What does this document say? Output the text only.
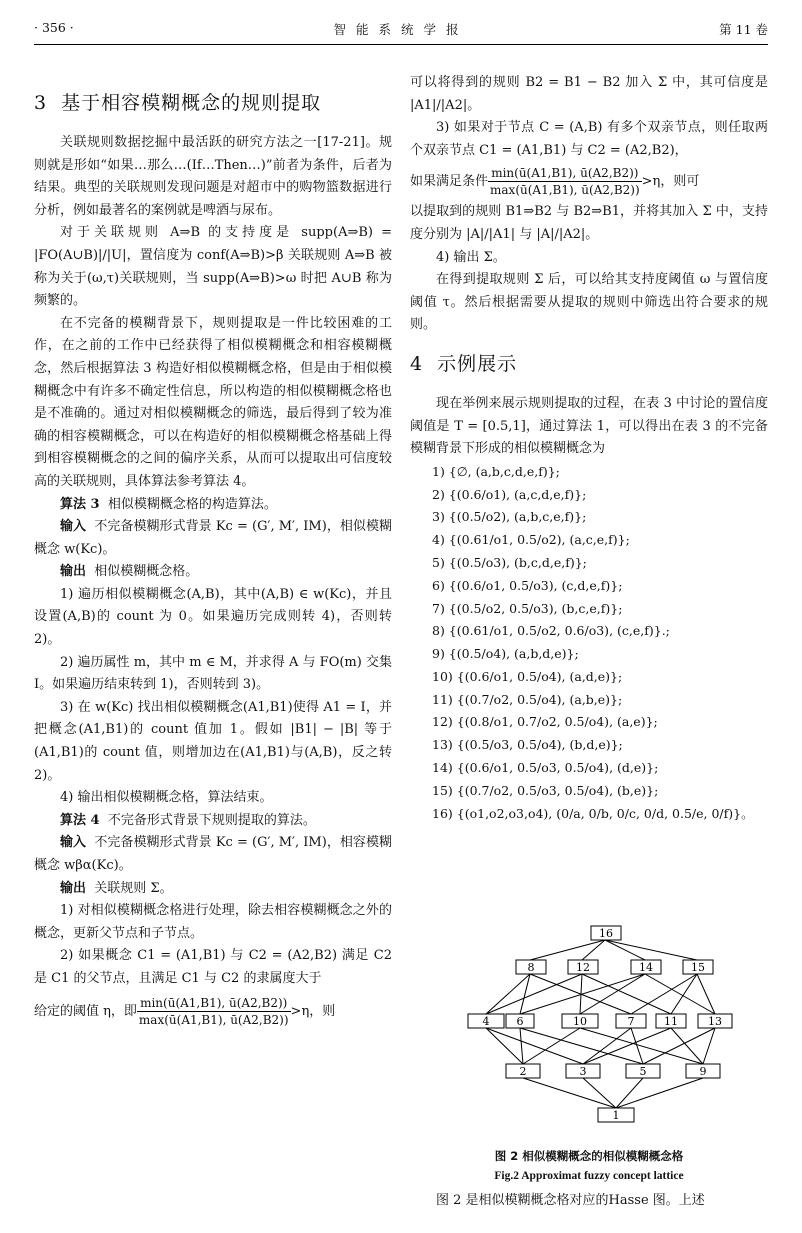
· 356 ·	智能系统学报	第 11 卷
3 基于相容模糊概念的规则提取

关联规则数据挖掘中最活跃的研究方法之一[17-21]。规则就是形如“如果…那么…(If…Then…)”前者为条件，后者为结果。典型的关联规则发现问题是对超市中的购物篮数据进行分析，例如最著名的案例就是啤酒与尿布。

对于关联规则 A⇒B 的支持度是 supp(A⇒B) = |FO(A∪B)|/|U|，置信度为 conf(A⇒B)>β 关联规则 A⇒B 被称为关于(ω,τ)关联规则，当 supp(A⇒B)>ω 时把 A∪B 称为频繁的。

在不完备的模糊背景下，规则提取是一件比较困难的工作，在之前的工作中已经获得了相似模糊概念和相容模糊概念，然后根据算法 3 构造好相似模糊概念格，但是由于相似模糊概念中有许多不确定性信息，所以构造的相似模糊概念格也是不准确的。通过对相似模糊概念的筛选，最后得到了较为准确的相容模糊概念，可以在构造好的相似模糊概念格基础上得到相容模糊概念的之间的偏序关系，从而可以提取出可信度较高的关联规则，具体算法参考算法 4。

算法 3 相似模糊概念格的构造算法。

输入 不完备模糊形式背景 Kc = (G′, M′, IM)，相似模糊概念 w(Kc)。

输出 相似模糊概念格。

1) 遍历相似模糊概念(A,B)，其中(A,B) ∈ w(Kc)，并且设置(A,B)的 count 为 0。如果遍历完成则转 4)，否则转 2)。

2) 遍历属性 m，其中 m ∈ M，并求得 A 与 FO(m) 交集 I。如果遍历结束转到 1)，否则转到 3)。

3) 在 w(Kc) 找出相似模糊概念(A1,B1)使得 A1 = I，并把概念(A1,B1)的 count 值加 1。假如 |B1| − |B| 等于(A1,B1)的 count 值，则增加边在(A1,B1)与(A,B)，反之转 2)。

4) 输出相似模糊概念格，算法结束。

算法 4 不完备形式背景下规则提取的算法。

输入 不完备模糊形式背景 Kc = (G′, M′, IM)，相容模糊概念 wβα(Kc)。

输出 关联规则 Σ。

1) 对相似模糊概念格进行处理，除去相容模糊概念之外的概念，更新父节点和子节点。

2) 如果概念 C1 = (A1,B1) 与 C2 = (A2,B2) 满足 C2 是 C1 的父节点，且满足 C1 与 C2 的隶属度大于

给定的阈值 η，即 $\frac{\min(ū(A1,B1), ū(A2,B2))}{\max(ū(A1,B1), ū(A2,B2))} >\eta$，则

可以将得到的规则 B2 = B1 − B2 加入 Σ 中，其可信度是 |A1|/|A2|。

3) 如果对于节点 C = (A,B) 有多个双亲节点，则任取两个双亲节点 C1 = (A1,B1) 与 C2 = (A2,B2)，

如果满足条件 $\frac{\min(ū(A1,B1), ū(A2,B2))}{\max(ū(A1,B1), ū(A2,B2))} >\eta$，则可

以提取到的规则 B1⇒B2 与 B2⇒B1，并将其加入 Σ 中，支持度分别为 |A|/|A1| 与 |A|/|A2|。

4) 输出 Σ。

在得到提取规则 Σ 后，可以给其支持度阈值 ω 与置信度阈值 τ。然后根据需要从提取的规则中筛选出符合要求的规则。

4 示例展示

现在举例来展示规则提取的过程，在表 3 中讨论的置信度阈值是 T = [0.5,1]，通过算法 1，可以得出在表 3 的不完备模糊背景下形成的相似模糊概念为

1) {∅, (a,b,c,d,e,f)};
2) {(0.6/o1), (a,c,d,e,f)};
3) {(0.5/o2), (a,b,c,e,f)};
4) {(0.61/o1, 0.5/o2), (a,c,e,f)};
5) {(0.5/o3), (b,c,d,e,f)};
6) {(0.6/o1, 0.5/o3), (c,d,e,f)};
7) {(0.5/o2, 0.5/o3), (b,c,e,f)};
8) {(0.61/o1, 0.5/o2, 0.6/o3), (c,e,f)}.;
9) {(0.5/o4), (a,b,d,e)};
10) {(0.6/o1, 0.5/o4), (a,d,e)};
11) {(0.7/o2, 0.5/o4), (a,b,e)};
12) {(0.8/o1, 0.7/o2, 0.5/o4), (a,e)};
13) {(0.5/o3, 0.5/o4), (b,d,e)};
14) {(0.6/o1, 0.5/o3, 0.5/o4), (d,e)};
15) {(0.7/o2, 0.5/o3, 0.5/o4), (b,e)};
16) {(o1,o2,o3,o4), (0/a, 0/b, 0/c, 0/d, 0.5/e, 0/f)}。
16
8	12	14	15
4 6	10	7	11	13
2	3	5	9
1
图 2 相似模糊概念的相似模糊概念格
Fig.2 Approximat fuzzy concept lattice
图 2 是相似模糊概念格对应的Hasse 图。上述
